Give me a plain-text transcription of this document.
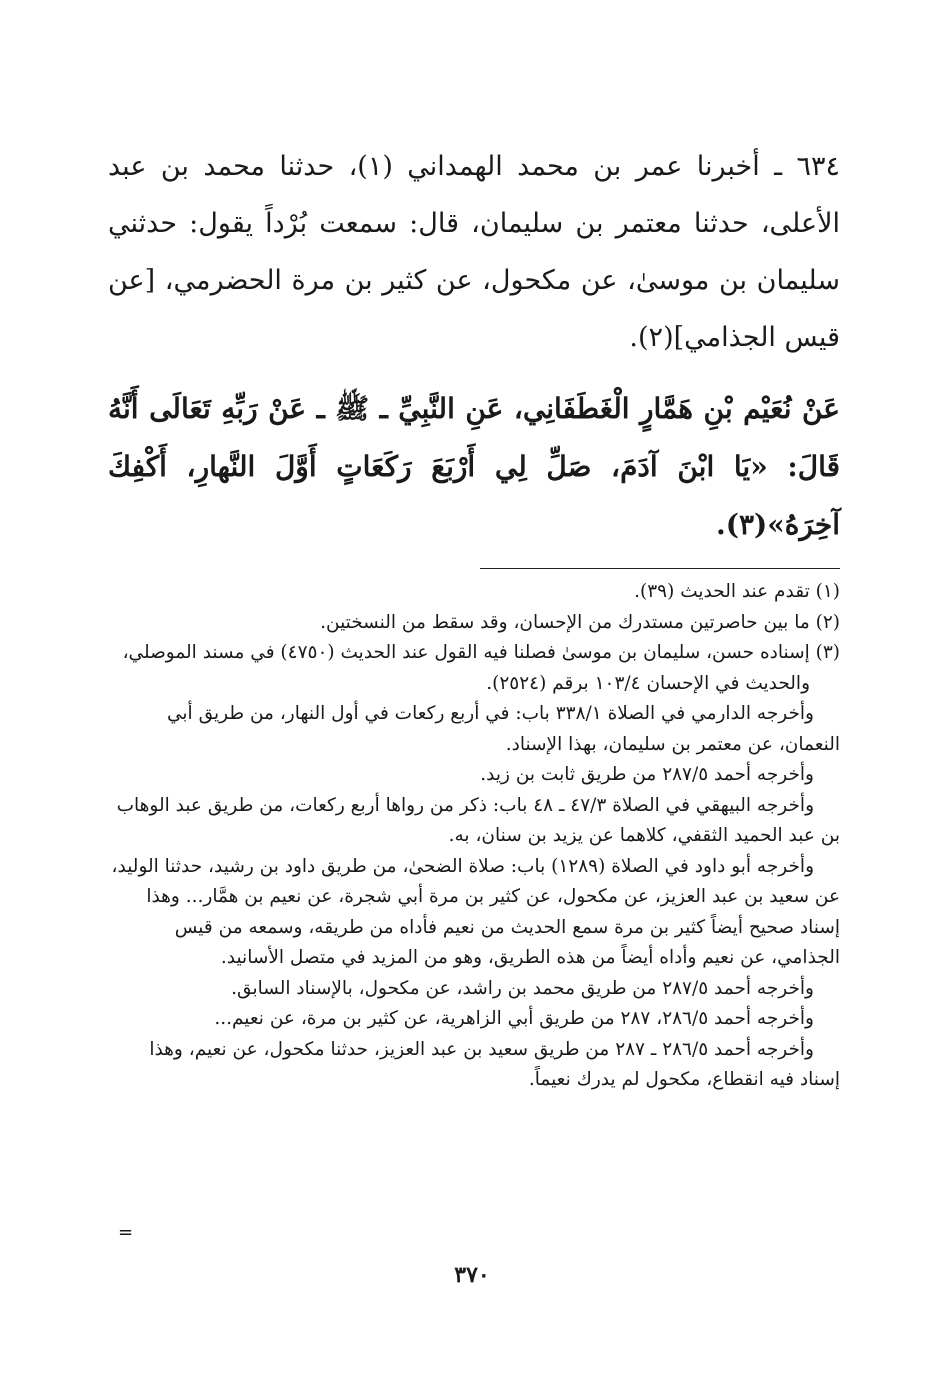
٦٣٤ ـ أخبرنا عمر بن محمد الهمداني (١)، حدثنا محمد بن عبد الأعلى، حدثنا معتمر بن سليمان، قال: سمعت بُرْداً يقول: حدثني سليمان بن موسىٰ، عن مكحول، عن كثير بن مرة الحضرمي، [عن قيس الجذامي](٢).

عَنْ نُعَيْم بْنِ هَمَّارٍ الْغَطَفَانِي، عَنِ النَّبِيِّ ـ ﷺ ـ عَنْ رَبِّهِ تَعَالَى أَنَّهُ قَالَ: «يَا ابْنَ آدَمَ، صَلِّ لِي أَرْبَعَ رَكَعَاتٍ أَوَّلَ النَّهارِ، أَكْفِكَ آخِرَهُ»(٣).

(١) تقدم عند الحديث (٣٩).

(٢) ما بين حاصرتين مستدرك من الإحسان، وقد سقط من النسختين.

(٣) إسناده حسن، سليمان بن موسىٰ فصلنا فيه القول عند الحديث (٤٧٥٠) في مسند الموصلي، والحديث في الإحسان ١٠٣/٤ برقم (٢٥٢٤).

وأخرجه الدارمي في الصلاة ٣٣٨/١ باب: في أربع ركعات في أول النهار، من طريق أبي النعمان، عن معتمر بن سليمان، بهذا الإسناد.

وأخرجه أحمد ٢٨٧/٥ من طريق ثابت بن زيد.

وأخرجه البيهقي في الصلاة ٤٧/٣ ـ ٤٨ باب: ذكر من رواها أربع ركعات، من طريق عبد الوهاب بن عبد الحميد الثقفي، كلاهما عن يزيد بن سنان، به.

وأخرجه أبو داود في الصلاة (١٢٨٩) باب: صلاة الضحىٰ، من طريق داود بن رشيد، حدثنا الوليد، عن سعيد بن عبد العزيز، عن مكحول، عن كثير بن مرة أبي شجرة، عن نعيم بن همَّار... وهذا إسناد صحيح أيضاً كثير بن مرة سمع الحديث من نعيم فأداه من طريقه، وسمعه من قيس الجذامي، عن نعيم وأداه أيضاً من هذه الطريق، وهو من المزيد في متصل الأسانيد.

وأخرجه أحمد ٢٨٧/٥ من طريق محمد بن راشد، عن مكحول، بالإسناد السابق.

وأخرجه أحمد ٢٨٦/٥، ٢٨٧ من طريق أبي الزاهرية، عن كثير بن مرة، عن نعيم...

وأخرجه أحمد ٢٨٦/٥ ـ ٢٨٧ من طريق سعيد بن عبد العزيز، حدثنا مكحول، عن نعيم، وهذا إسناد فيه انقطاع، مكحول لم يدرك نعيماً.

=
٣٧٠
